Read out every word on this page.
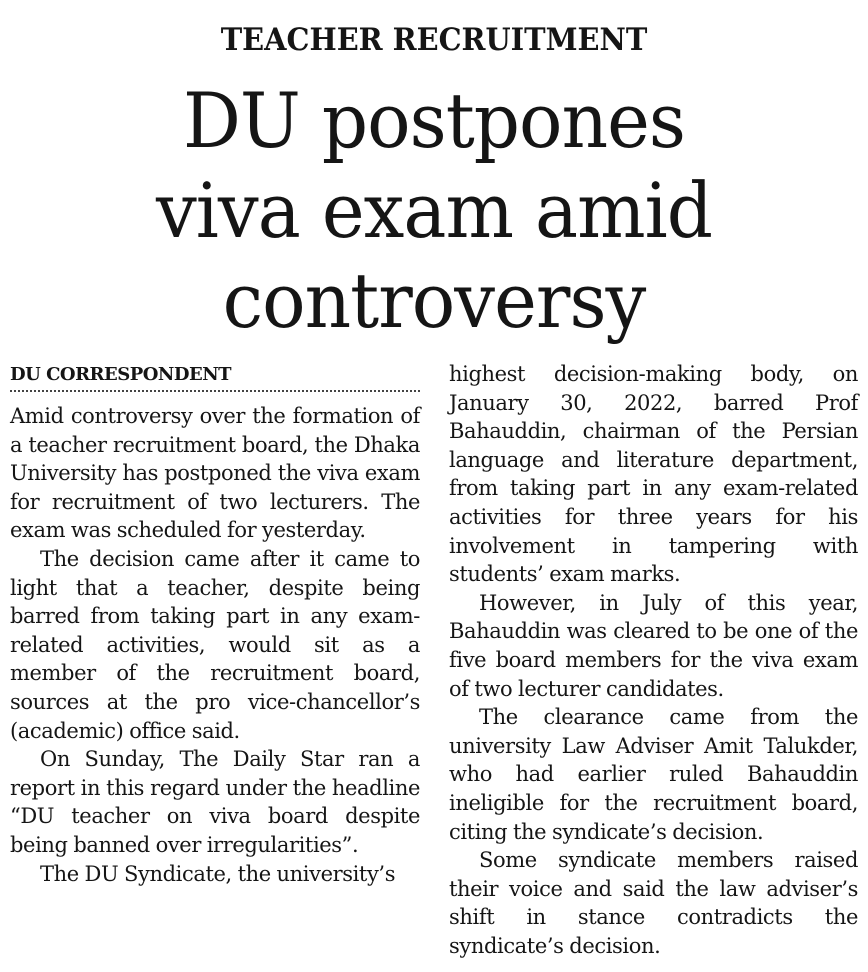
TEACHER RECRUITMENT
DU postpones
viva exam amid
controversy
DU CORRESPONDENT

Amid controversy over the formation of a teacher recruitment board, the Dhaka University has postponed the viva exam for recruitment of two lecturers. The exam was scheduled for yesterday.

The decision came after it came to light that a teacher, despite being barred from taking part in any exam-related activities, would sit as a member of the recruitment board, sources at the pro vice-chancellor’s (academic) office said.

On Sunday, The Daily Star ran a report in this regard under the headline “DU teacher on viva board despite being banned over irregularities”.

The DU Syndicate, the university’s

highest decision-making body, on January 30, 2022, barred Prof Bahauddin, chairman of the Persian language and literature department, from taking part in any exam-related activities for three years for his involvement in tampering with students’ exam marks.

However, in July of this year, Bahauddin was cleared to be one of the five board members for the viva exam of two lecturer candidates.

The clearance came from the university Law Adviser Amit Talukder, who had earlier ruled Bahauddin ineligible for the recruitment board, citing the syndicate’s decision.

Some syndicate members raised their voice and said the law adviser’s shift in stance contradicts the syndicate’s decision.
